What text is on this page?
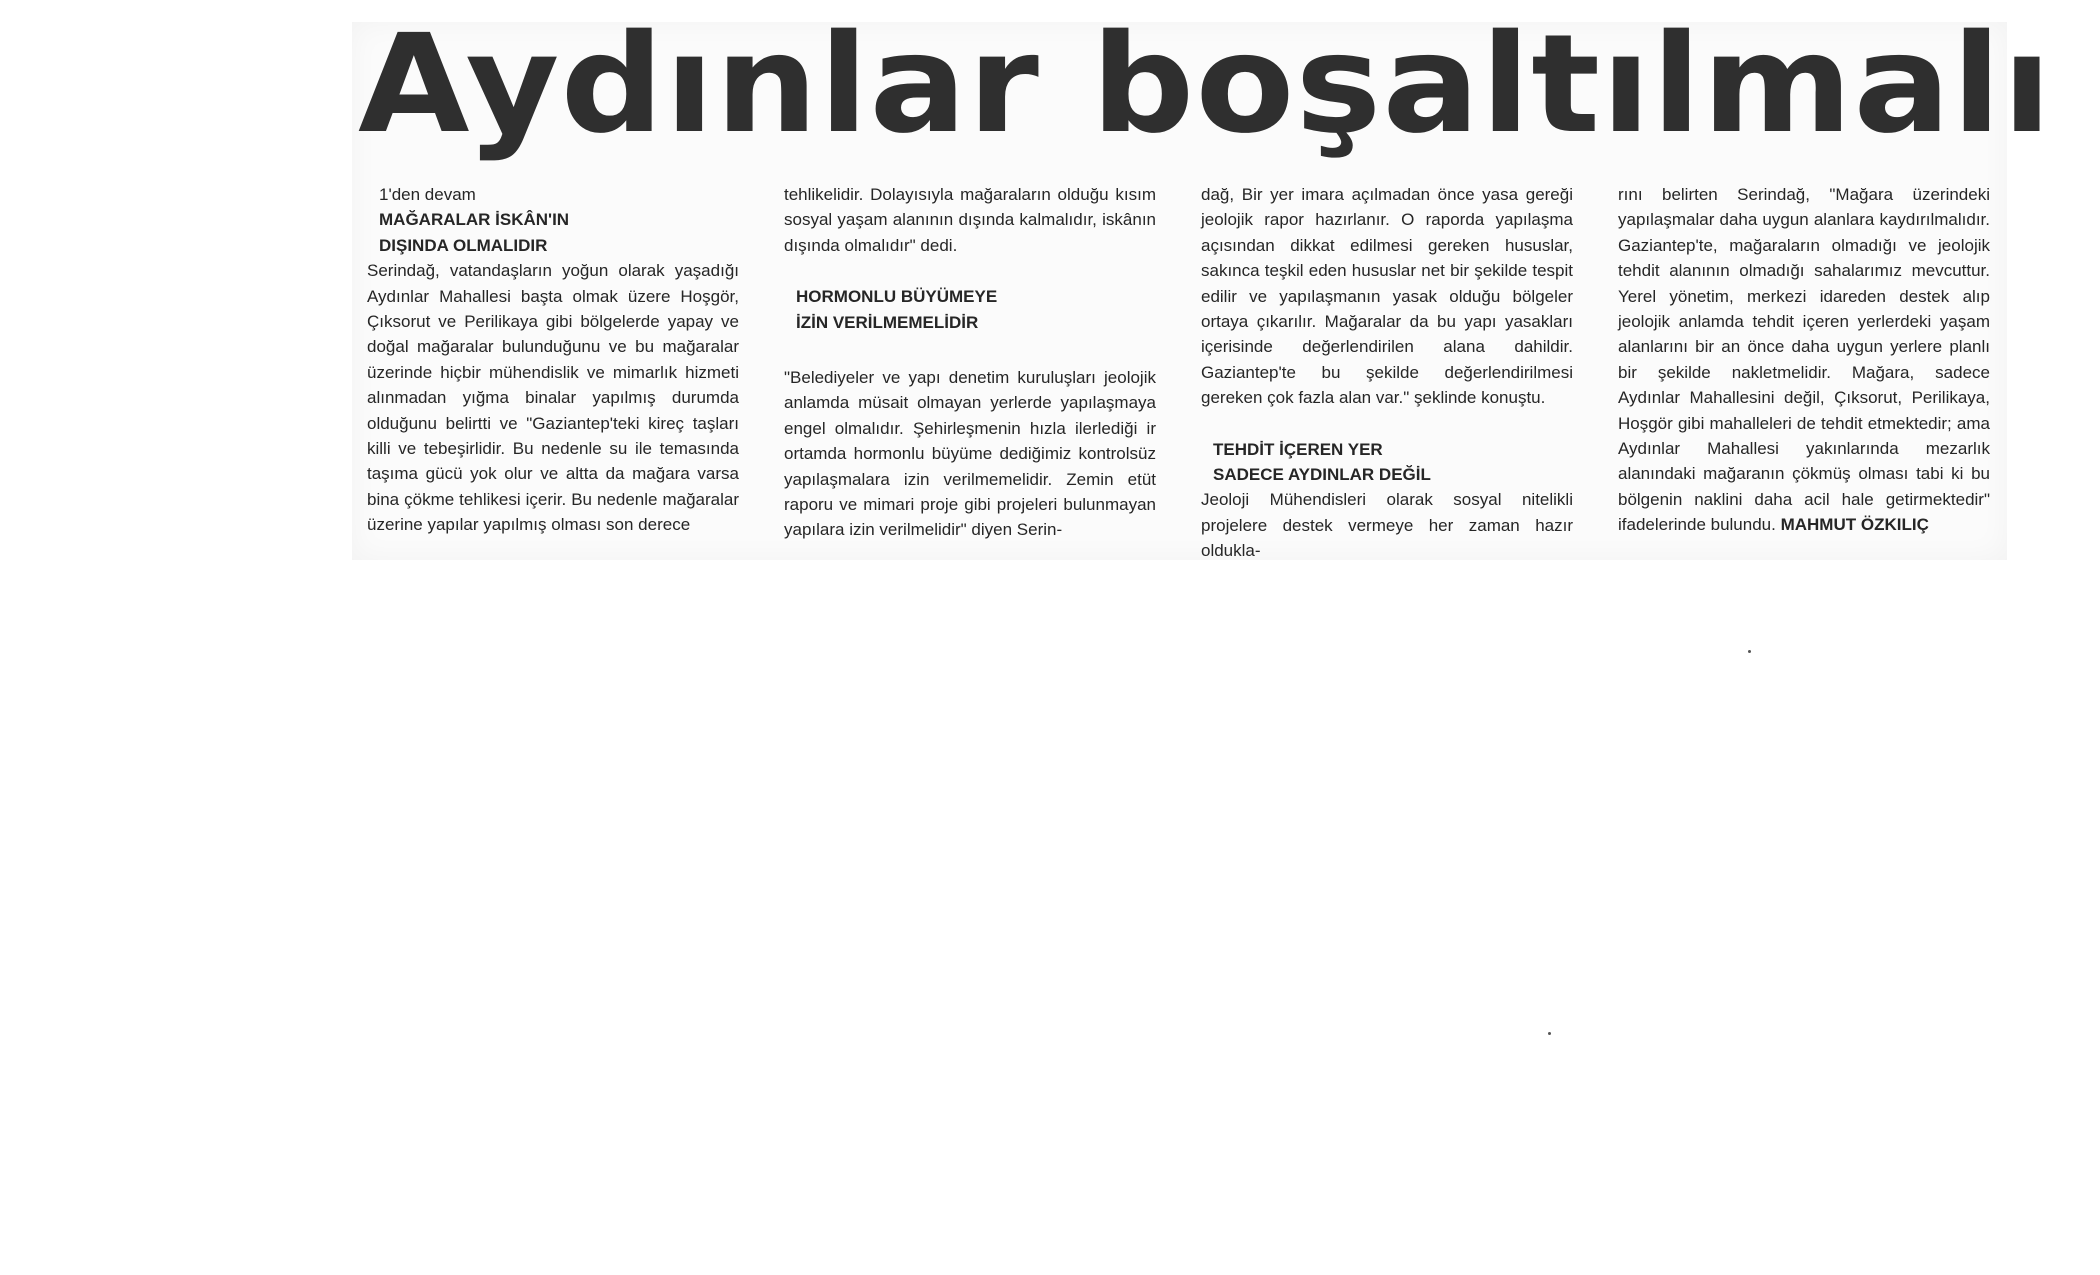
Aydınlar boşaltılmalı

1'den devam

MAĞARALAR İSKÂN'IN
DIŞINDA OLMALIDIR

Serindağ, vatandaşların yoğun olarak yaşadığı Aydınlar Mahallesi başta olmak üzere Hoşgör, Çıksorut ve Perilikaya gibi bölgelerde yapay ve doğal mağaralar bulunduğunu ve bu mağaralar üzerinde hiçbir mühendislik ve mimarlık hizmeti alınmadan yığma binalar yapılmış durumda olduğunu belirtti ve "Gaziantep'teki kireç taşları killi ve tebeşirlidir. Bu nedenle su ile temasında taşıma gücü yok olur ve altta da mağara varsa bina çökme tehlikesi içerir. Bu nedenle mağaralar üzerine yapılar yapılmış olması son derece

tehlikelidir. Dolayısıyla mağaraların olduğu kısım sosyal yaşam alanının dışında kalmalıdır, iskânın dışında olmalıdır" dedi.

HORMONLU BÜYÜMEYE
İZİN VERİLMEMELİDİR

"Belediyeler ve yapı denetim kuruluşları jeolojik anlamda müsait olmayan yerlerde yapılaşmaya engel olmalıdır. Şehirleşmenin hızla ilerlediği ir ortamda hormonlu büyüme dediğimiz kontrolsüz yapılaşmalara izin verilmemelidir. Zemin etüt raporu ve mimari proje gibi projeleri bulunmayan yapılara izin verilmelidir" diyen Serin-

dağ, Bir yer imara açılmadan önce yasa gereği jeolojik rapor hazırlanır. O raporda yapılaşma açısından dikkat edilmesi gereken hususlar, sakınca teşkil eden hususlar net bir şekilde tespit edilir ve yapılaşmanın yasak olduğu bölgeler ortaya çıkarılır. Mağaralar da bu yapı yasakları içerisinde değerlendirilen alana dahildir. Gaziantep'te bu şekilde değerlendirilmesi gereken çok fazla alan var." şeklinde konuştu.

TEHDİT İÇEREN YER
SADECE AYDINLAR DEĞİL

Jeoloji Mühendisleri olarak sosyal nitelikli projelere destek vermeye her zaman hazır oldukla-

rını belirten Serindağ, "Mağara üzerindeki yapılaşmalar daha uygun alanlara kaydırılmalıdır. Gaziantep'te, mağaraların olmadığı ve jeolojik tehdit alanının olmadığı sahalarımız mevcuttur. Yerel yönetim, merkezi idareden destek alıp jeolojik anlamda tehdit içeren yerlerdeki yaşam alanlarını bir an önce daha uygun yerlere planlı bir şekilde nakletmelidir. Mağara, sadece Aydınlar Mahallesini değil, Çıksorut, Perilikaya, Hoşgör gibi mahalleleri de tehdit etmektedir; ama Aydınlar Mahallesi yakınlarında mezarlık alanındaki mağaranın çökmüş olması tabi ki bu bölgenin naklini daha acil hale getirmektedir" ifadelerinde bulundu. MAHMUT ÖZKILIÇ
